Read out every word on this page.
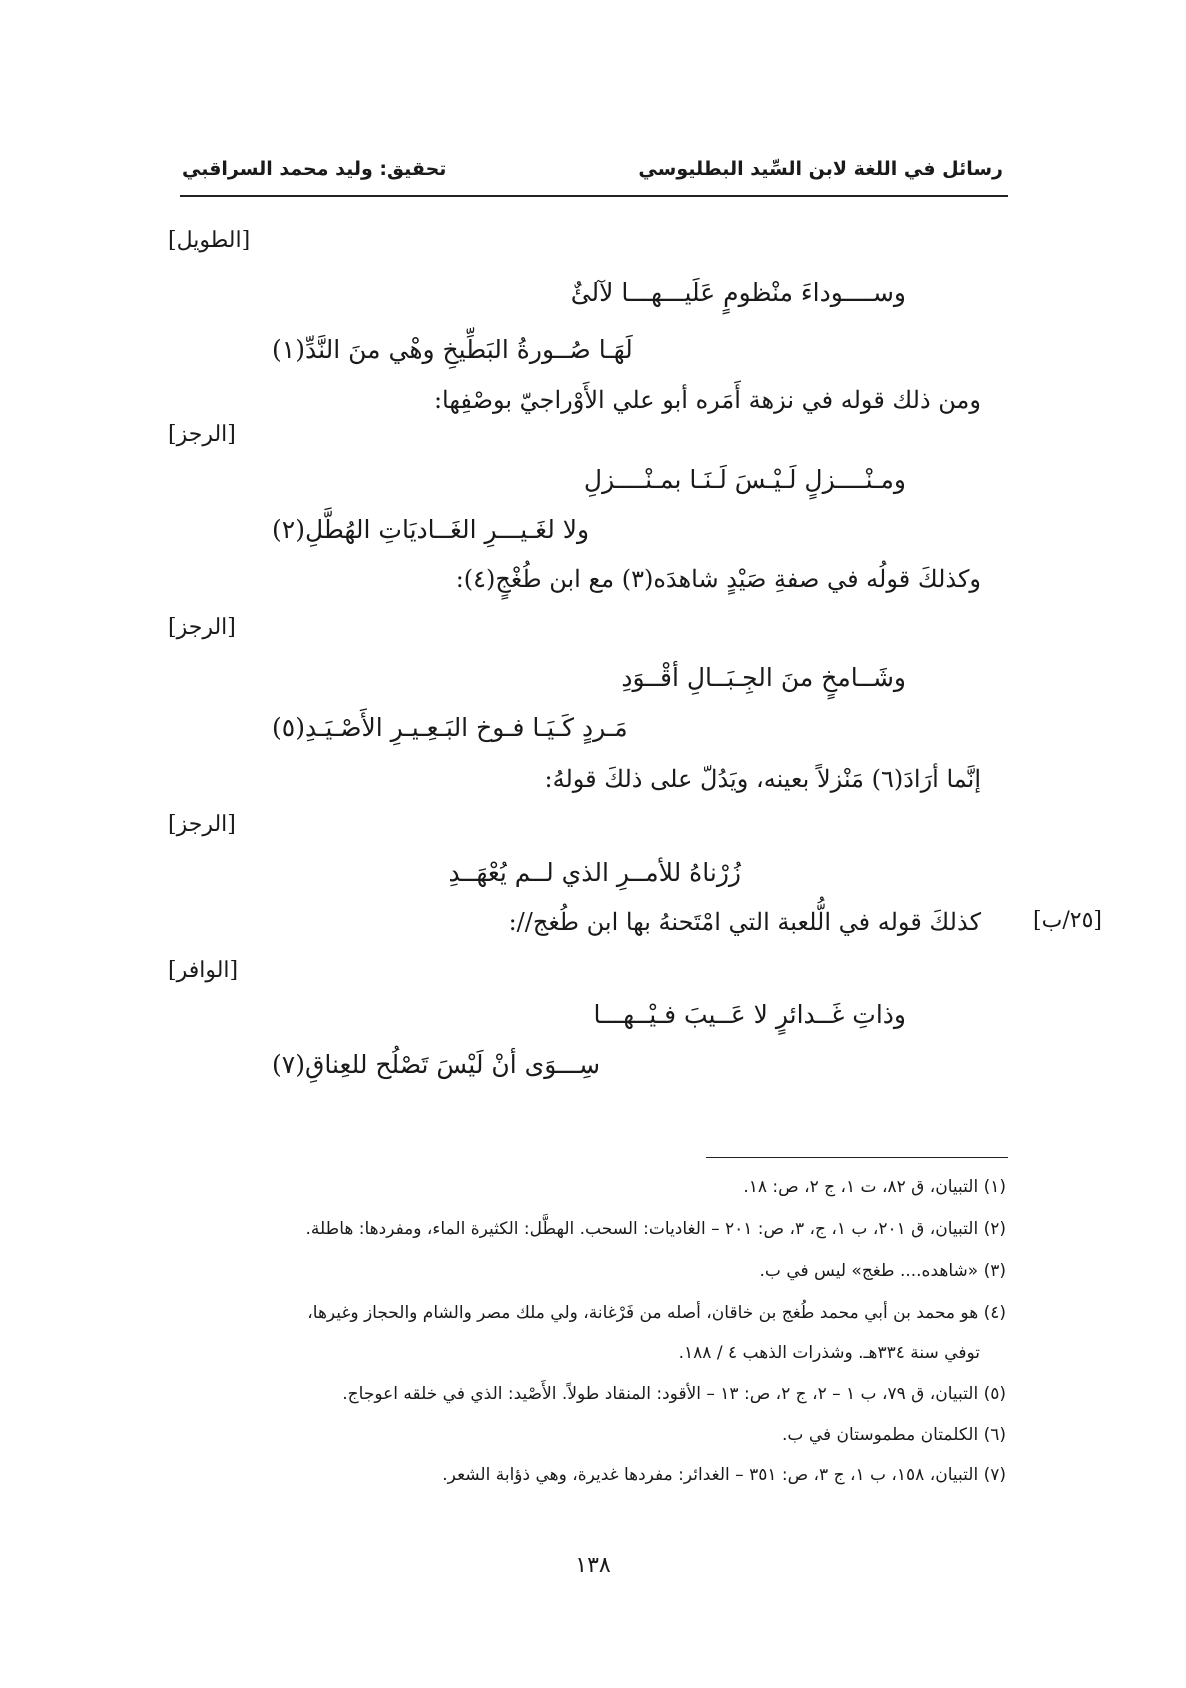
رسائل في اللغة لابن السِّيد البطليوسي
تحقيق: وليد محمد السراقبي
[الطويل]
وســــوداءَ منْظومٍ عَلَيـــهـــا لآلئٌ
لَهَـا صُــورةُ البَطِّيخِ وهْي منَ النَّدِّ(١)
ومن ذلك قوله في نزهة أَمَره أبو علي الأَوْراجيّ بوصْفِها:
[الرجز]
ومـنْــــزلٍ لَـيْـسَ لَـنَـا بمـنْــــزلِ
ولا لغَـيـــرِ الغَــاديَاتِ الهُطَّلِ(٢)
وكذلكَ قولُه في صفةِ صَيْدٍ شاهدَه(٣) مع ابن طُغْجٍ(٤):
[الرجز]
وشَــامخٍ منَ الجِـبَــالِ أقْــوَدِ
مَـردٍ كَـيَـا فـوخ البَـعِـيـرِ الأَصْـيَـدِ(٥)
إنَّما أرَادَ(٦) مَنْزلاً بعينه، ويَدُلّ على ذلكَ قولهُ:
[الرجز]
زُرْناهُ للأمــرِ الذي لــم يُعْهَــدِ
كذلكَ قوله في الُّلعبة التي امْتَحنهُ بها ابن طُغج//: [٢٥/ب]
[الوافر]
وذاتِ غَــدائرٍ لا عَــيبَ فـيْــهـــا
سِـــوَى أنْ لَيْسَ تَصْلُح للعِناقِ(٧)
(١) التبيان، ق ٨٢، ت ١، ج ٢، ص: ١٨.
(٢) التبيان، ق ٢٠١، ب ١، ج، ٣، ص: ٢٠١ – الغاديات: السحب. الهطَّل: الكثيرة الماء، ومفردها: هاطلة.
(٣) «شاهده.... طغج» ليس في ب.
(٤) هو محمد بن أبي محمد طُغج بن خاقان، أصله من فَرْغانة، ولي ملك مصر والشام والحجاز وغيرها،
توفي سنة ٣٣٤هـ. وشذرات الذهب ٤ / ١٨٨.
(٥) التبيان، ق ٧٩، ب ١ – ٢، ج ٢، ص: ١٣ – الأقود: المنقاد طولاً. الأَصْيد: الذي في خلقه اعوجاج.
(٦) الكلمتان مطموستان في ب.
(٧) التبيان، ١٥٨، ب ١، ج ٣، ص: ٣٥١ – الغدائر: مفردها غديرة، وهي ذؤابة الشعر.
١٣٨
